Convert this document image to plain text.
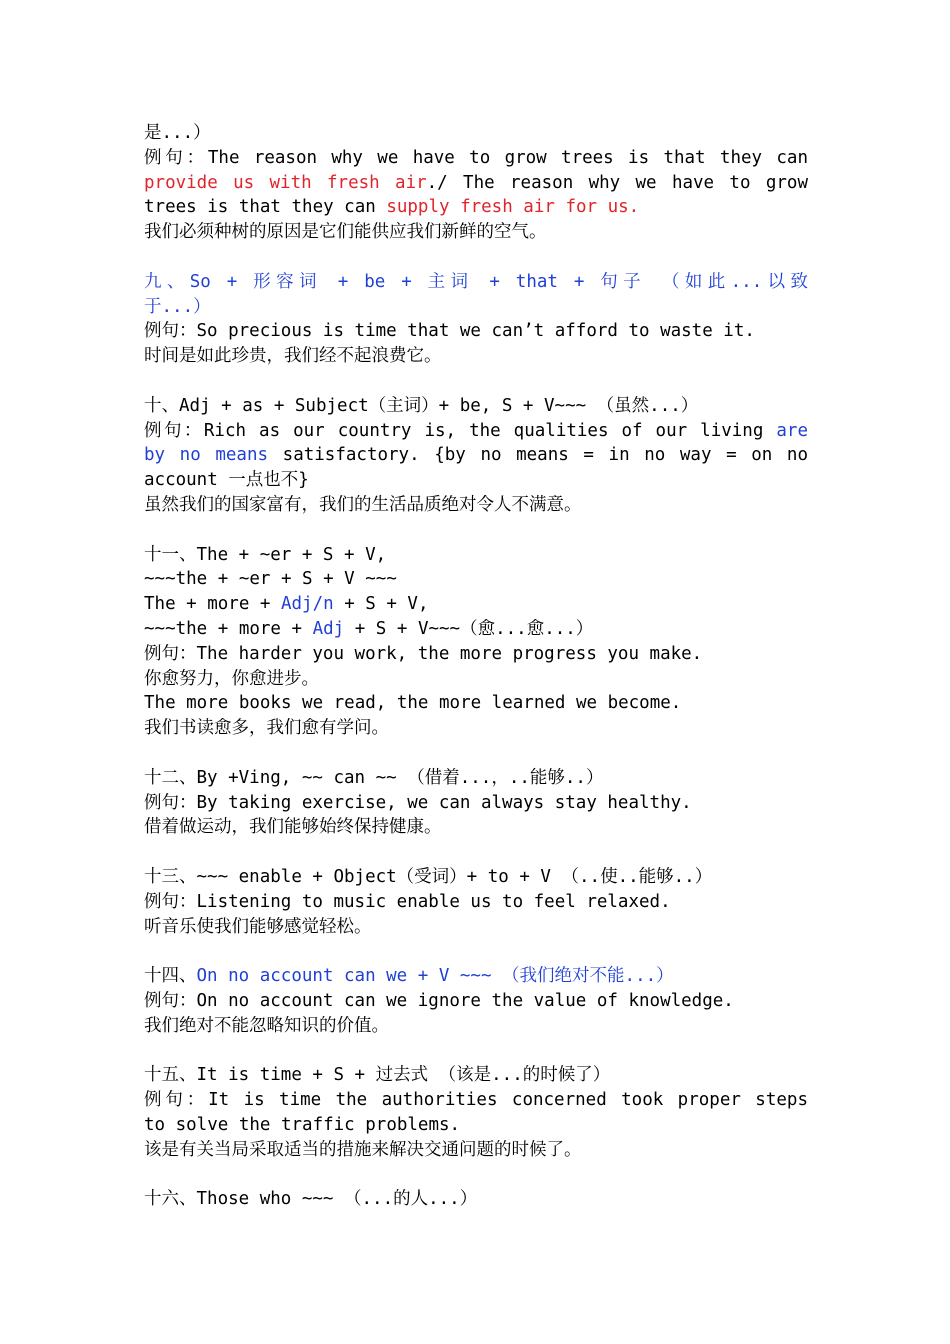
是...）
例句：The reason why we have to grow trees is that they can
provide us with fresh air./ The reason why we have to grow
trees is that they can supply fresh air for us.
我们必须种树的原因是它们能供应我们新鲜的空气。
九、So + 形容词 + be + 主词 + that + 句子 （如此...以致
于...）
例句：So precious is time that we can’t afford to waste it.
时间是如此珍贵，我们经不起浪费它。
十、Adj + as + Subject（主词）+ be, S + V~~~ （虽然...）
例句：Rich as our country is, the qualities of our living are
by no means satisfactory. {by no means = in no way = on no
account 一点也不}
虽然我们的国家富有，我们的生活品质绝对令人不满意。
十一、The + ~er + S + V,
~~~the + ~er + S + V ~~~
The + more + Adj/n + S + V,
~~~the + more + Adj + S + V~~~（愈...愈...）
例句：The harder you work, the more progress you make.
你愈努力，你愈进步。
The more books we read, the more learned we become.
我们书读愈多，我们愈有学问。
十二、By +Ving, ~~ can ~~ （借着...，..能够..）
例句：By taking exercise, we can always stay healthy.
借着做运动，我们能够始终保持健康。
十三、~~~ enable + Object（受词）+ to + V （..使..能够..）
例句：Listening to music enable us to feel relaxed.
听音乐使我们能够感觉轻松。
十四、On no account can we + V ~~~ （我们绝对不能...）
例句：On no account can we ignore the value of knowledge.
我们绝对不能忽略知识的价值。
十五、It is time + S + 过去式 （该是...的时候了）
例句：It is time the authorities concerned took proper steps
to solve the traffic problems.
该是有关当局采取适当的措施来解决交通问题的时候了。
十六、Those who ~~~ （...的人...）
